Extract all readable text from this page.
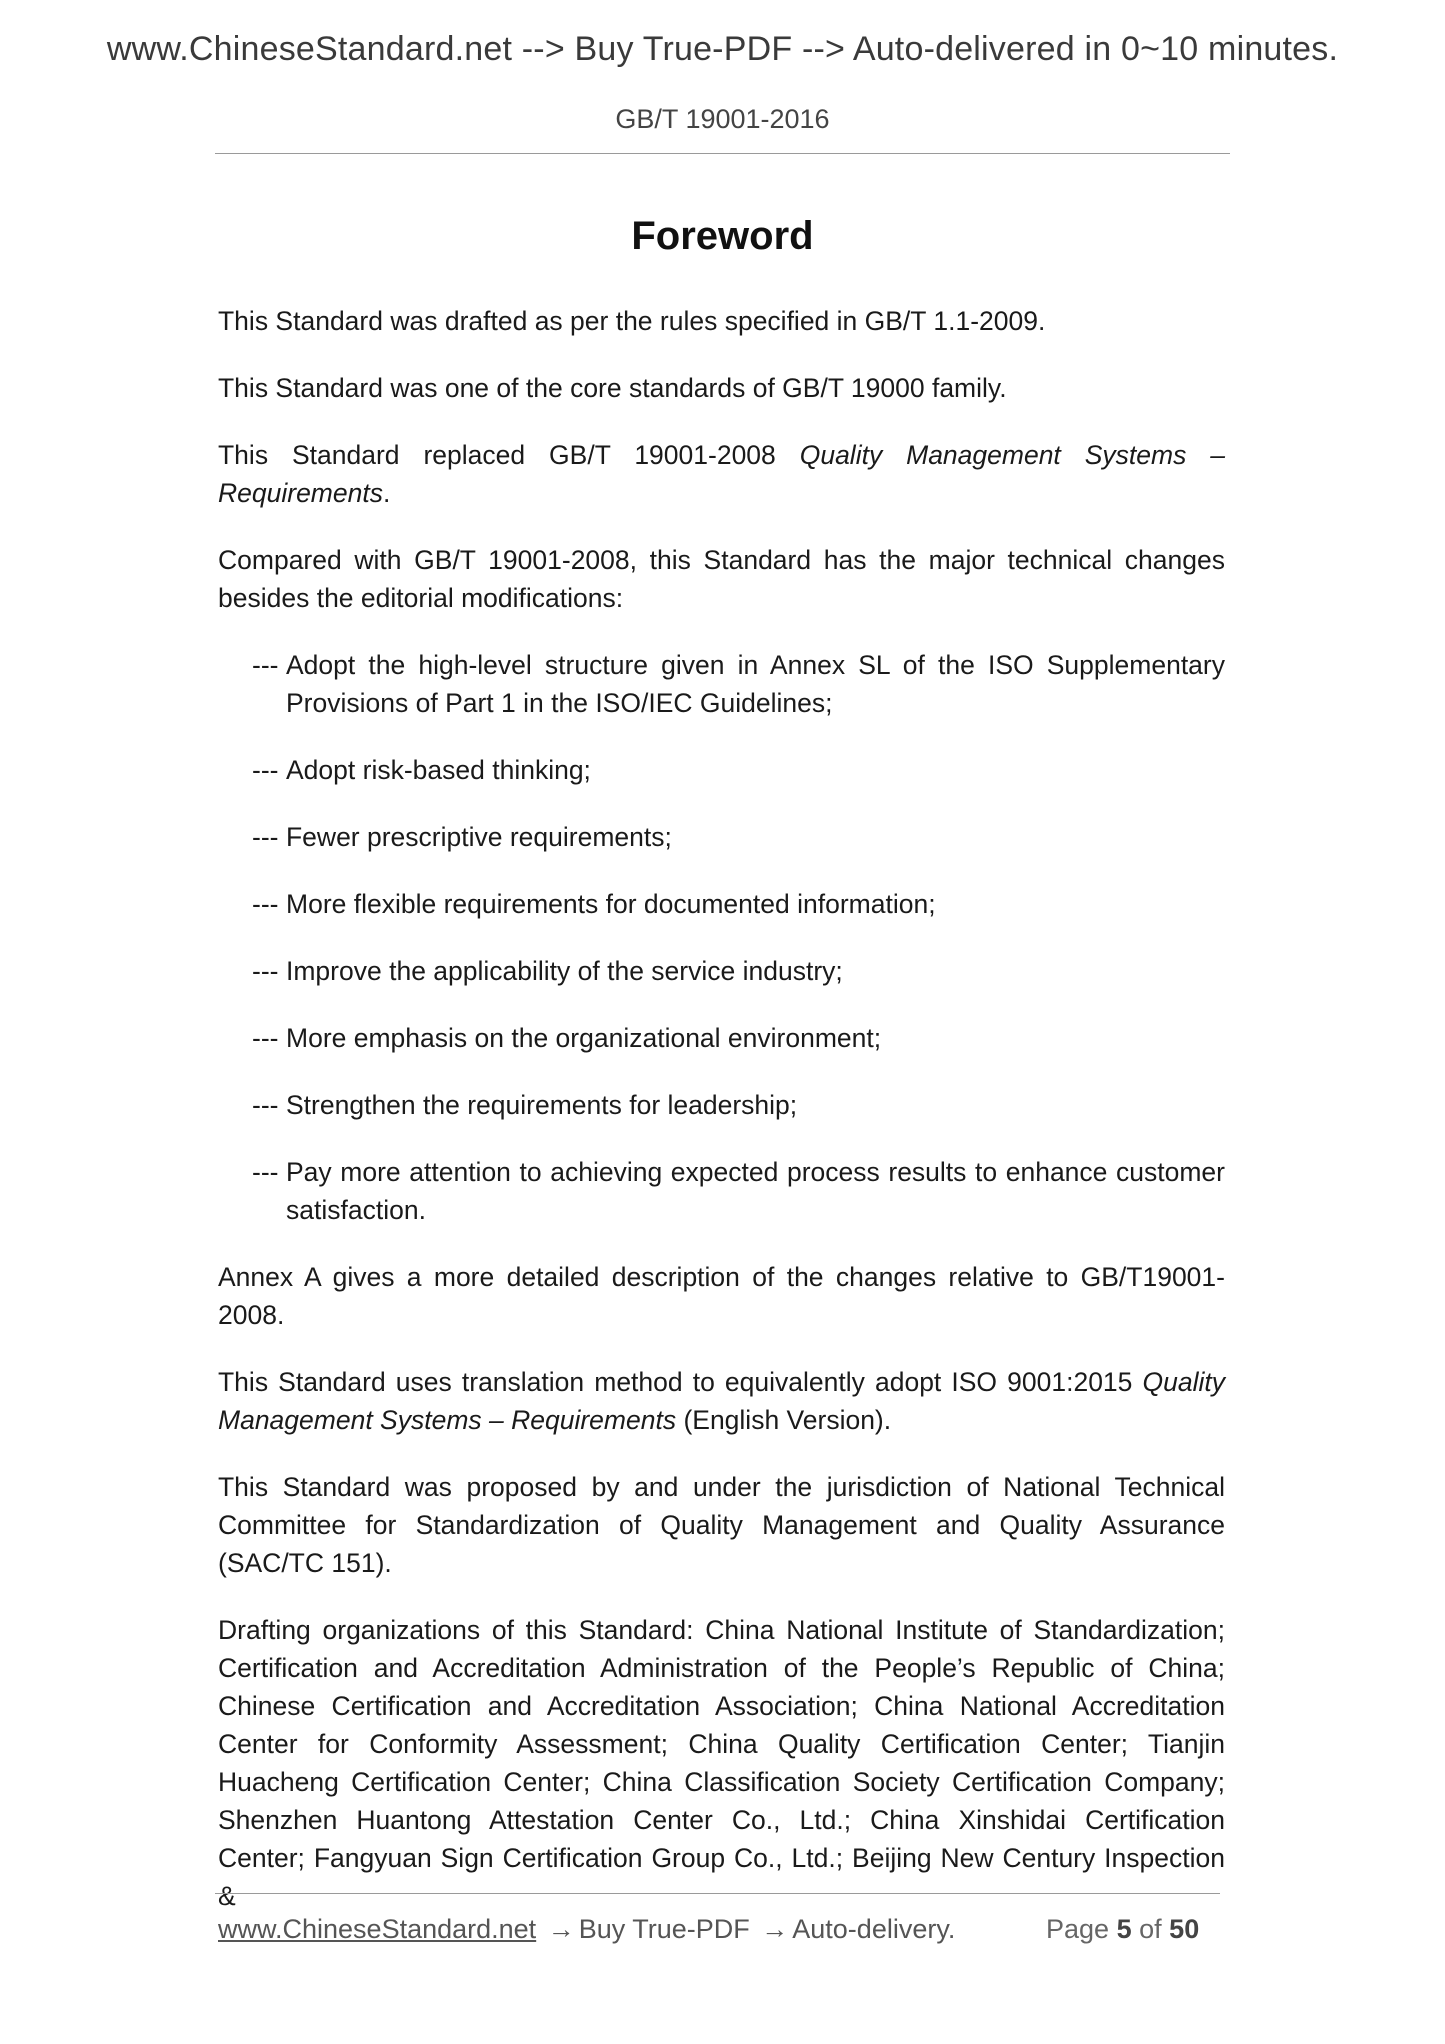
www.ChineseStandard.net --> Buy True-PDF --> Auto-delivered in 0~10 minutes.
GB/T 19001-2016
Foreword

This Standard was drafted as per the rules specified in GB/T 1.1-2009.

This Standard was one of the core standards of GB/T 19000 family.

This Standard replaced GB/T 19001-2008 Quality Management Systems – Requirements.

Compared with GB/T 19001-2008, this Standard has the major technical changes besides the editorial modifications:

--- Adopt the high-level structure given in Annex SL of the ISO Supplementary Provisions of Part 1 in the ISO/IEC Guidelines;
--- Adopt risk-based thinking;
--- Fewer prescriptive requirements;
--- More flexible requirements for documented information;
--- Improve the applicability of the service industry;
--- More emphasis on the organizational environment;
--- Strengthen the requirements for leadership;
--- Pay more attention to achieving expected process results to enhance customer satisfaction.

Annex A gives a more detailed description of the changes relative to GB/T19001-2008.

This Standard uses translation method to equivalently adopt ISO 9001:2015 Quality Management Systems – Requirements (English Version).

This Standard was proposed by and under the jurisdiction of National Technical Committee for Standardization of Quality Management and Quality Assurance (SAC/TC 151).

Drafting organizations of this Standard: China National Institute of Standardization; Certification and Accreditation Administration of the People’s Republic of China; Chinese Certification and Accreditation Association; China National Accreditation Center for Conformity Assessment; China Quality Certification Center; Tianjin Huacheng Certification Center; China Classification Society Certification Company; Shenzhen Huantong Attestation Center Co., Ltd.; China Xinshidai Certification Center; Fangyuan Sign Certification Group Co., Ltd.; Beijing New Century Inspection &

www.ChineseStandard.net → Buy True-PDF → Auto-delivery.	Page 5 of 50
